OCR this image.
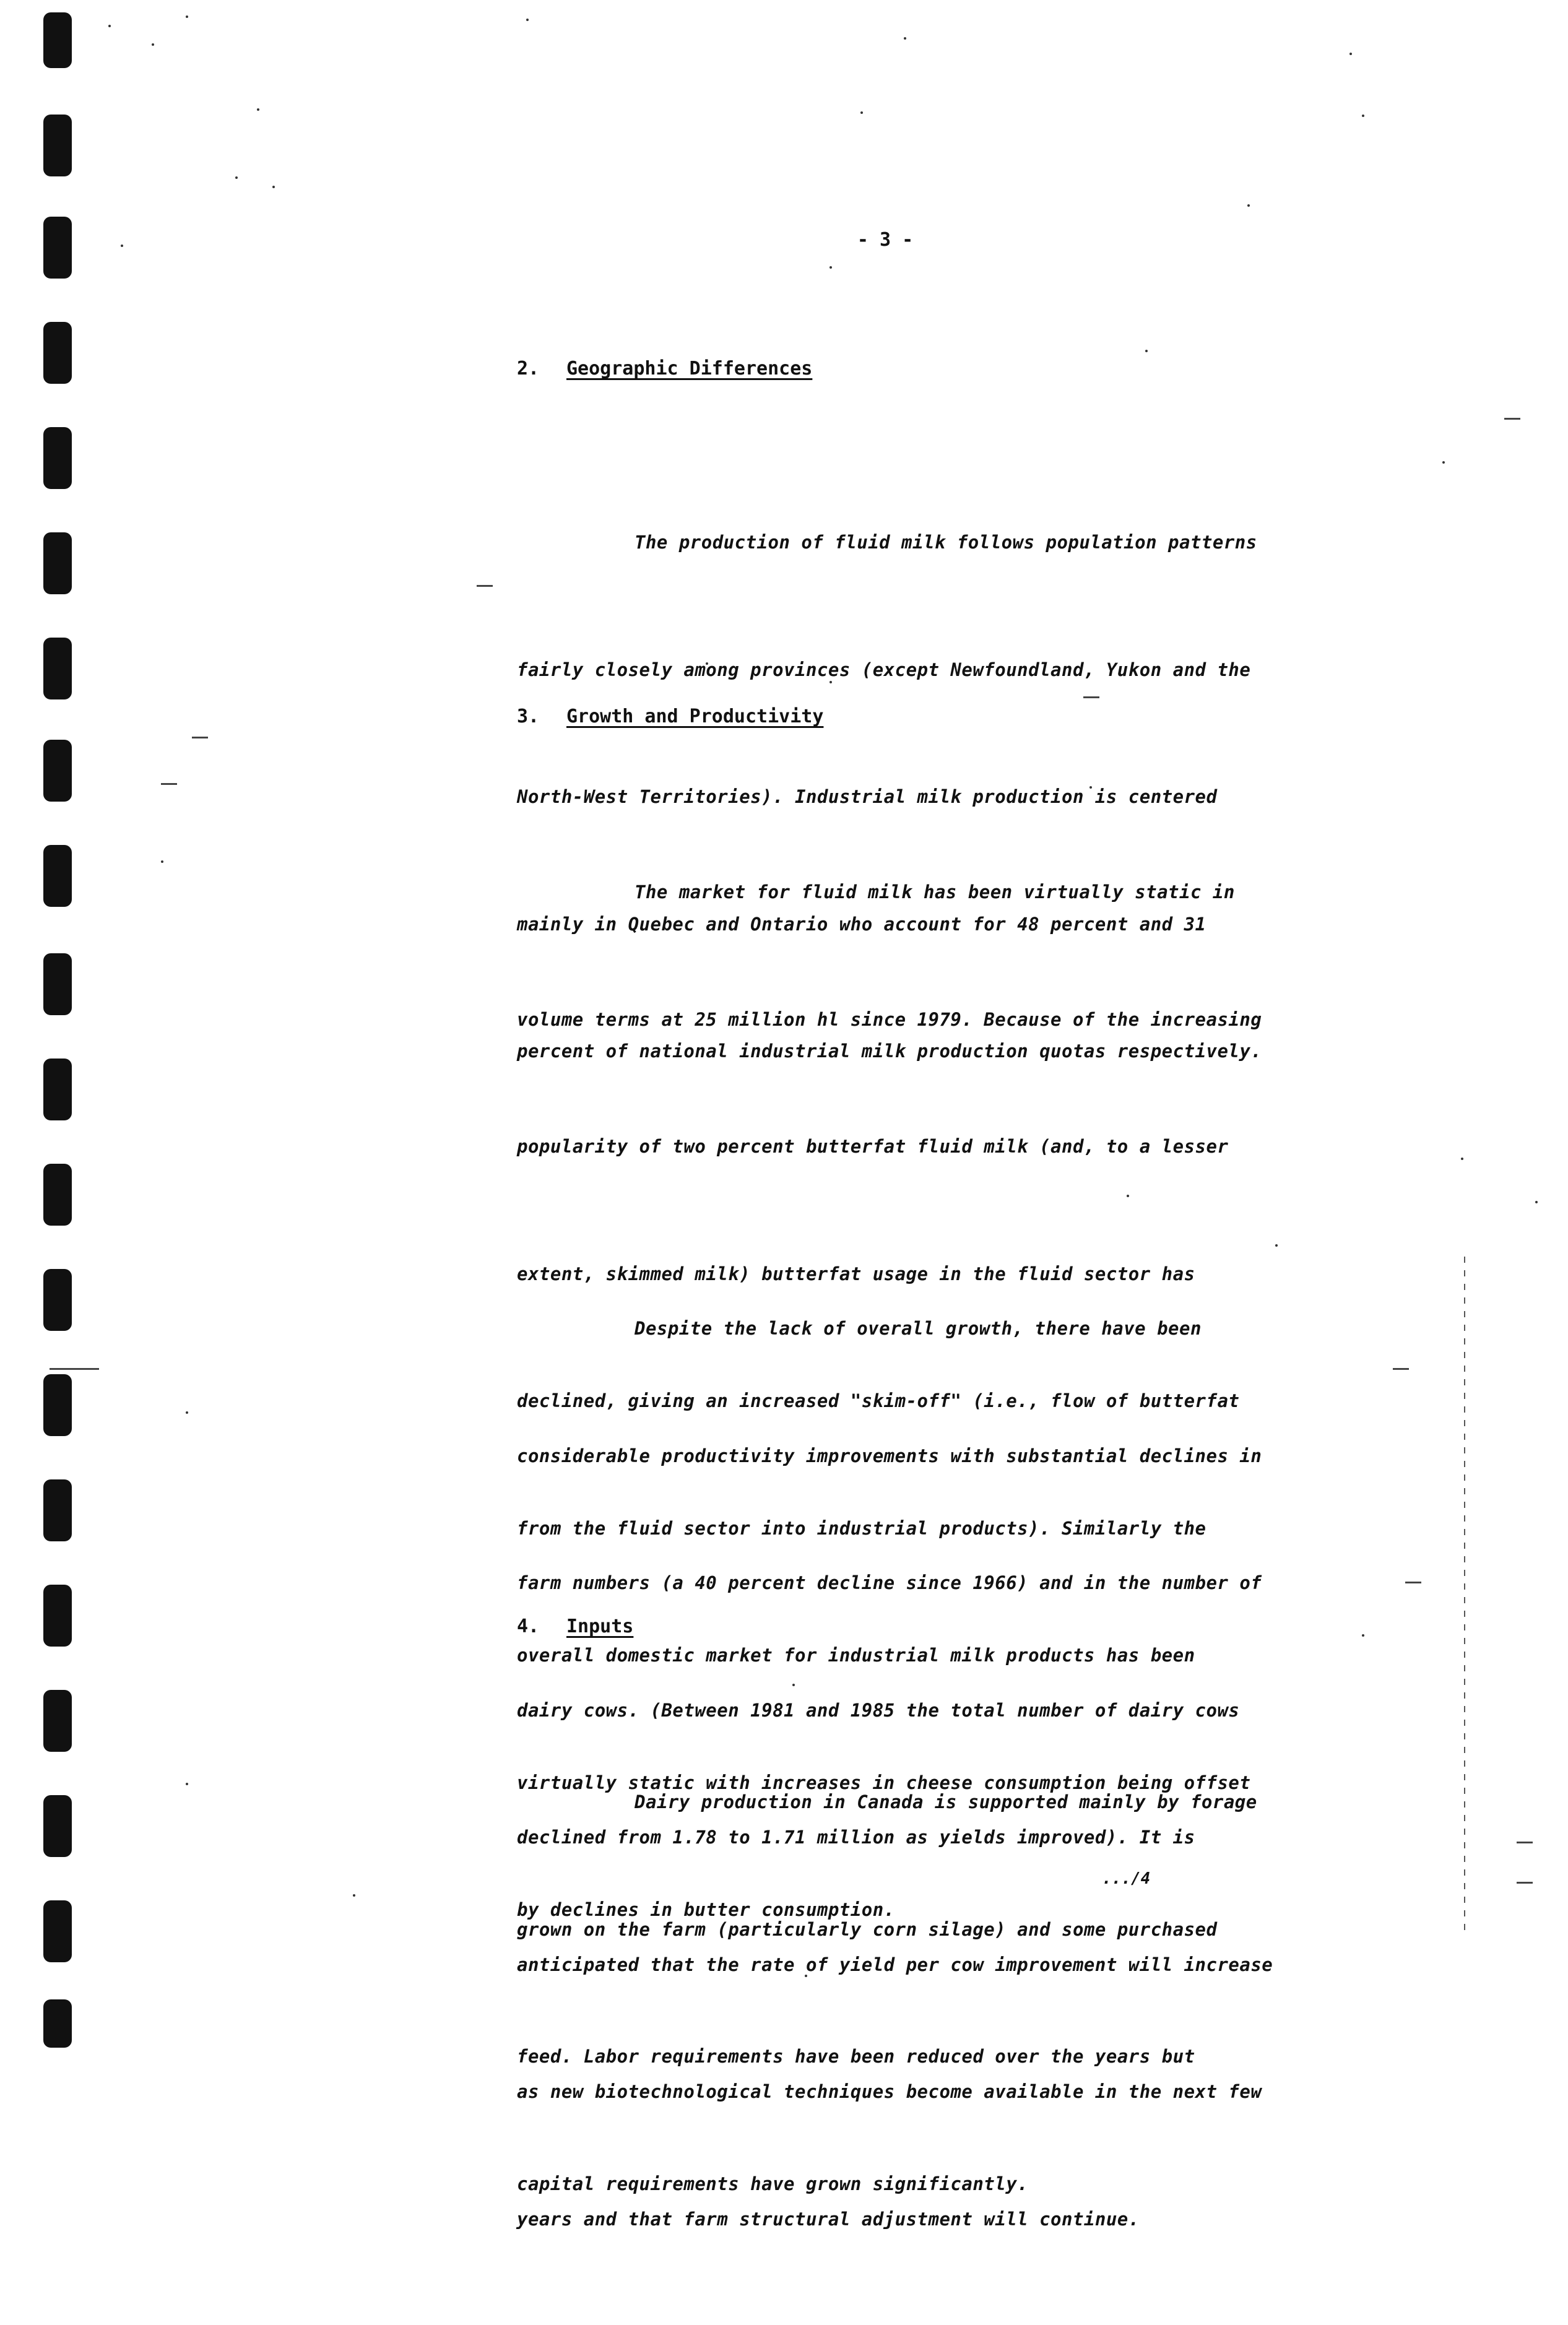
- 3 -
2. Geographic Differences

The production of fluid milk follows population patterns

fairly closely among provinces (except Newfoundland, Yukon and the

North-West Territories). Industrial milk production is centered

mainly in Quebec and Ontario who account for 48 percent and 31

percent of national industrial milk production quotas respectively.

3. Growth and Productivity

The market for fluid milk has been virtually static in

volume terms at 25 million hl since 1979. Because of the increasing

popularity of two percent butterfat fluid milk (and, to a lesser

extent, skimmed milk) butterfat usage in the fluid sector has

declined, giving an increased "skim-off" (i.e., flow of butterfat

from the fluid sector into industrial products). Similarly the

overall domestic market for industrial milk products has been

virtually static with increases in cheese consumption being offset

by declines in butter consumption.

Despite the lack of overall growth, there have been

considerable productivity improvements with substantial declines in

farm numbers (a 40 percent decline since 1966) and in the number of

dairy cows. (Between 1981 and 1985 the total number of dairy cows

declined from 1.78 to 1.71 million as yields improved). It is

anticipated that the rate of yield per cow improvement will increase

as new biotechnological techniques become available in the next few

years and that farm structural adjustment will continue.

4. Inputs

Dairy production in Canada is supported mainly by forage

grown on the farm (particularly corn silage) and some purchased

feed. Labor requirements have been reduced over the years but

capital requirements have grown significantly.

.../4
